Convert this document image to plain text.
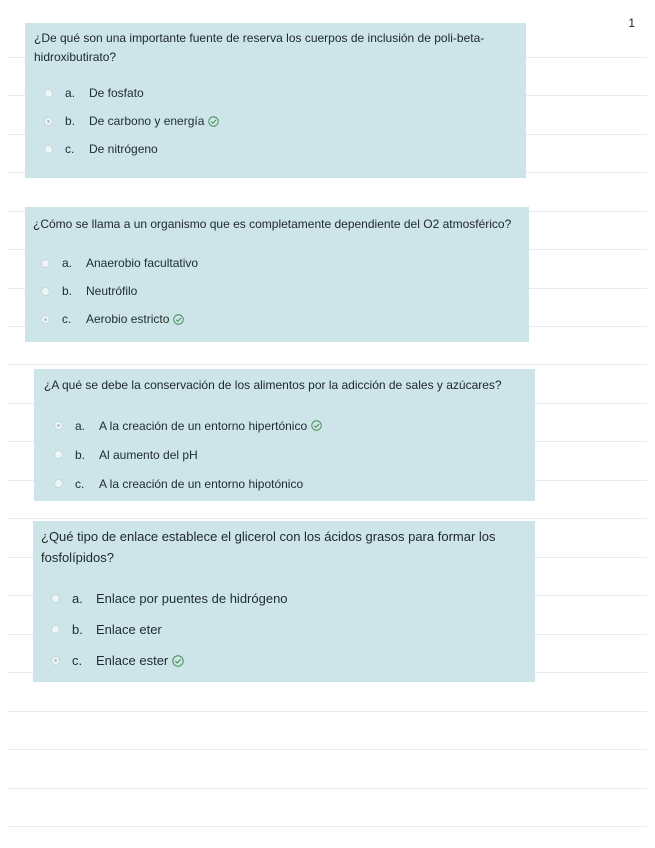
1

¿De qué son una importante fuente de reserva los cuerpos de inclusión de poli-beta-hidroxibutirato?

a.	De fosfato
b.	De carbono y energía
c.	De nitrógeno

¿Cómo se llama a un organismo que es completamente dependiente del O2 atmosférico?

a.	Anaerobio facultativo
b.	Neutrófilo
c.	Aerobio estricto

¿A qué se debe la conservación de los alimentos por la adicción de sales y azúcares?

a.	A la creación de un entorno hipertónico
b.	Al aumento del pH
c.	A la creación de un entorno hipotónico

¿Qué tipo de enlace establece el glicerol con los ácidos grasos para formar los fosfolípidos?

a.	Enlace por puentes de hidrógeno
b.	Enlace eter
c.	Enlace ester
